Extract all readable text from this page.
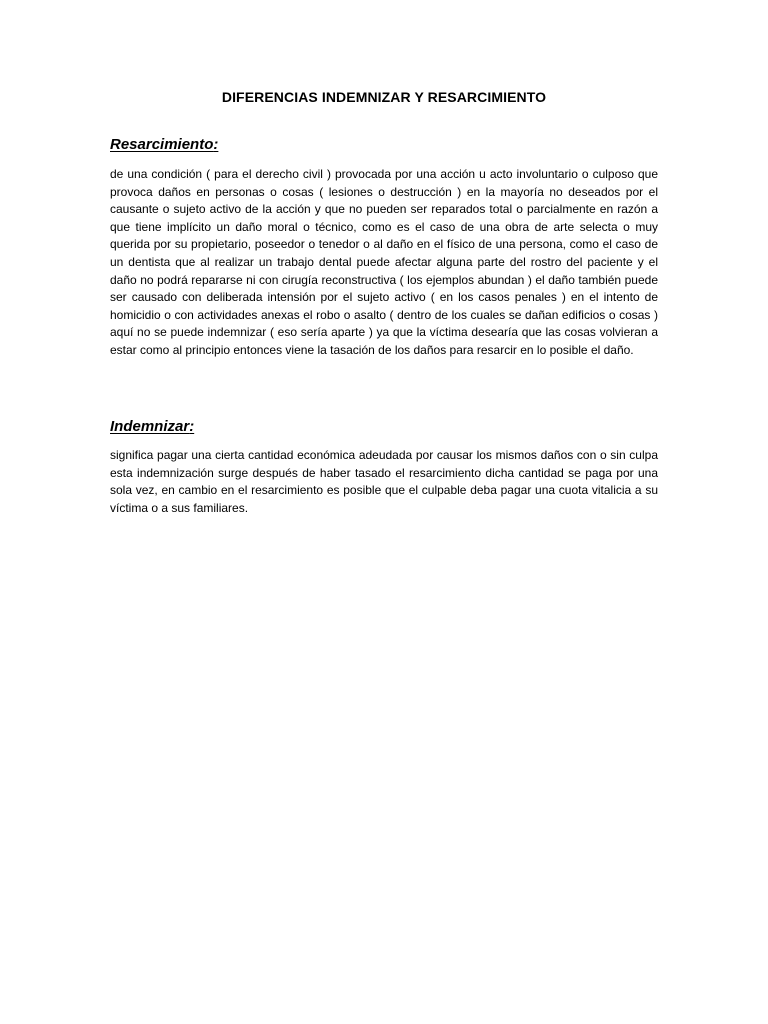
DIFERENCIAS INDEMNIZAR Y RESARCIMIENTO
Resarcimiento:

de una condición ( para el derecho civil ) provocada por una acción u acto involuntario o culposo que provoca daños en personas o cosas ( lesiones o destrucción ) en la mayoría no deseados por el causante o sujeto activo de la acción y que no pueden ser reparados total o parcialmente en razón a que tiene implícito un daño moral o técnico, como es el caso de una obra de arte selecta o muy querida por su propietario, poseedor o tenedor o al daño en el físico de una persona, como el caso de un dentista que al realizar un trabajo dental puede afectar alguna parte del rostro del paciente y el daño no podrá repararse ni con cirugía reconstructiva ( los ejemplos abundan ) el daño también puede ser causado con deliberada intensión por el sujeto activo ( en los casos penales ) en el intento de homicidio o con actividades anexas el robo o asalto ( dentro de los cuales se dañan edificios o cosas ) aquí no se puede indemnizar ( eso sería aparte ) ya que la víctima desearía que las cosas volvieran a estar como al principio entonces viene la tasación de los daños para resarcir en lo posible el daño.

Indemnizar:

significa pagar una cierta cantidad económica adeudada por causar los mismos daños con o sin culpa esta indemnización surge después de haber tasado el resarcimiento dicha cantidad se paga por una sola vez, en cambio en el resarcimiento es posible que el culpable deba pagar una cuota vitalicia a su víctima o a sus familiares.
